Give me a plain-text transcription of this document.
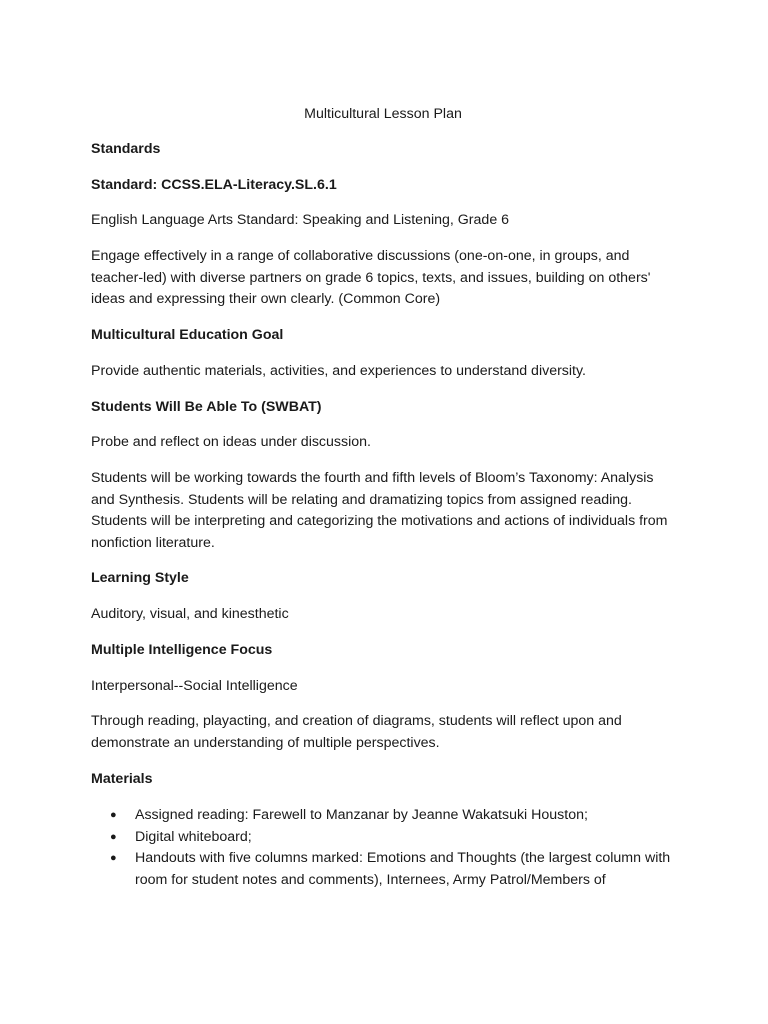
Multicultural Lesson Plan

Standards

Standard: CCSS.ELA-Literacy.SL.6.1

English Language Arts Standard: Speaking and Listening, Grade 6

Engage effectively in a range of collaborative discussions (one-on-one, in groups, and teacher-led) with diverse partners on grade 6 topics, texts, and issues, building on others' ideas and expressing their own clearly. (Common Core)

Multicultural Education Goal

Provide authentic materials, activities, and experiences to understand diversity.

Students Will Be Able To (SWBAT)

Probe and reflect on ideas under discussion.

Students will be working towards the fourth and fifth levels of Bloom’s Taxonomy: Analysis and Synthesis. Students will be relating and dramatizing topics from assigned reading. Students will be interpreting and categorizing the motivations and actions of individuals from nonfiction literature.

Learning Style

Auditory, visual, and kinesthetic

Multiple Intelligence Focus

Interpersonal--Social Intelligence

Through reading, playacting, and creation of diagrams, students will reflect upon and demonstrate an understanding of multiple perspectives.

Materials

● Assigned reading: Farewell to Manzanar by Jeanne Wakatsuki Houston;
● Digital whiteboard;
● Handouts with five columns marked: Emotions and Thoughts (the largest column with room for student notes and comments), Internees, Army Patrol/Members of
